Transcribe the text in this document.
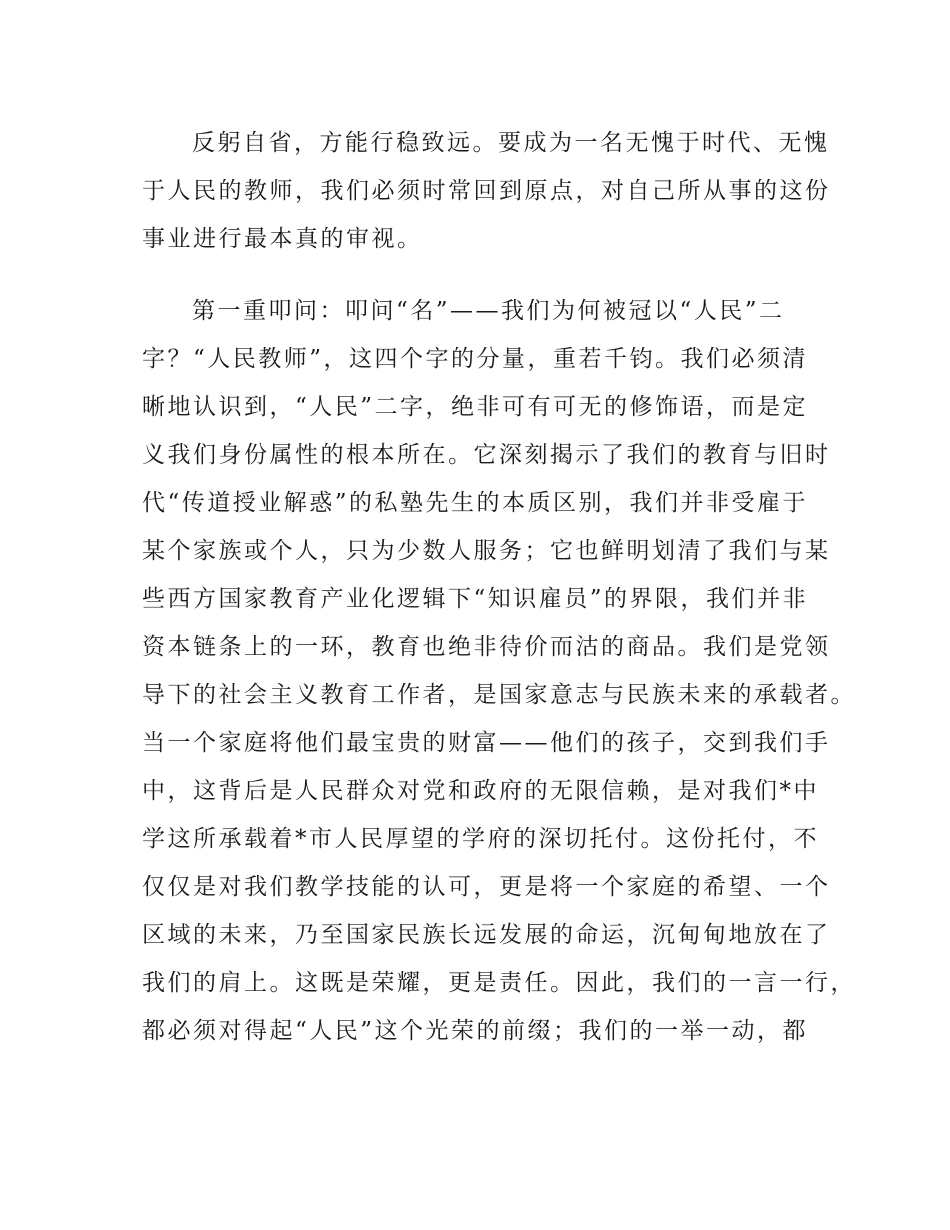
反躬自省，方能行稳致远。要成为一名无愧于时代、无愧
于人民的教师，我们必须时常回到原点，对自己所从事的这份
事业进行最本真的审视。
第一重叩问：叩问“名”——我们为何被冠以“人民”二
字？“人民教师”，这四个字的分量，重若千钧。我们必须清
晰地认识到，“人民”二字，绝非可有可无的修饰语，而是定
义我们身份属性的根本所在。它深刻揭示了我们的教育与旧时
代“传道授业解惑”的私塾先生的本质区别，我们并非受雇于
某个家族或个人，只为少数人服务；它也鲜明划清了我们与某
些西方国家教育产业化逻辑下“知识雇员”的界限，我们并非
资本链条上的一环，教育也绝非待价而沽的商品。我们是党领
导下的社会主义教育工作者，是国家意志与民族未来的承载者。
当一个家庭将他们最宝贵的财富——他们的孩子，交到我们手
中，这背后是人民群众对党和政府的无限信赖，是对我们*中
学这所承载着*市人民厚望的学府的深切托付。这份托付，不
仅仅是对我们教学技能的认可，更是将一个家庭的希望、一个
区域的未来，乃至国家民族长远发展的命运，沉甸甸地放在了
我们的肩上。这既是荣耀，更是责任。因此，我们的一言一行，
都必须对得起“人民”这个光荣的前缀；我们的一举一动，都
